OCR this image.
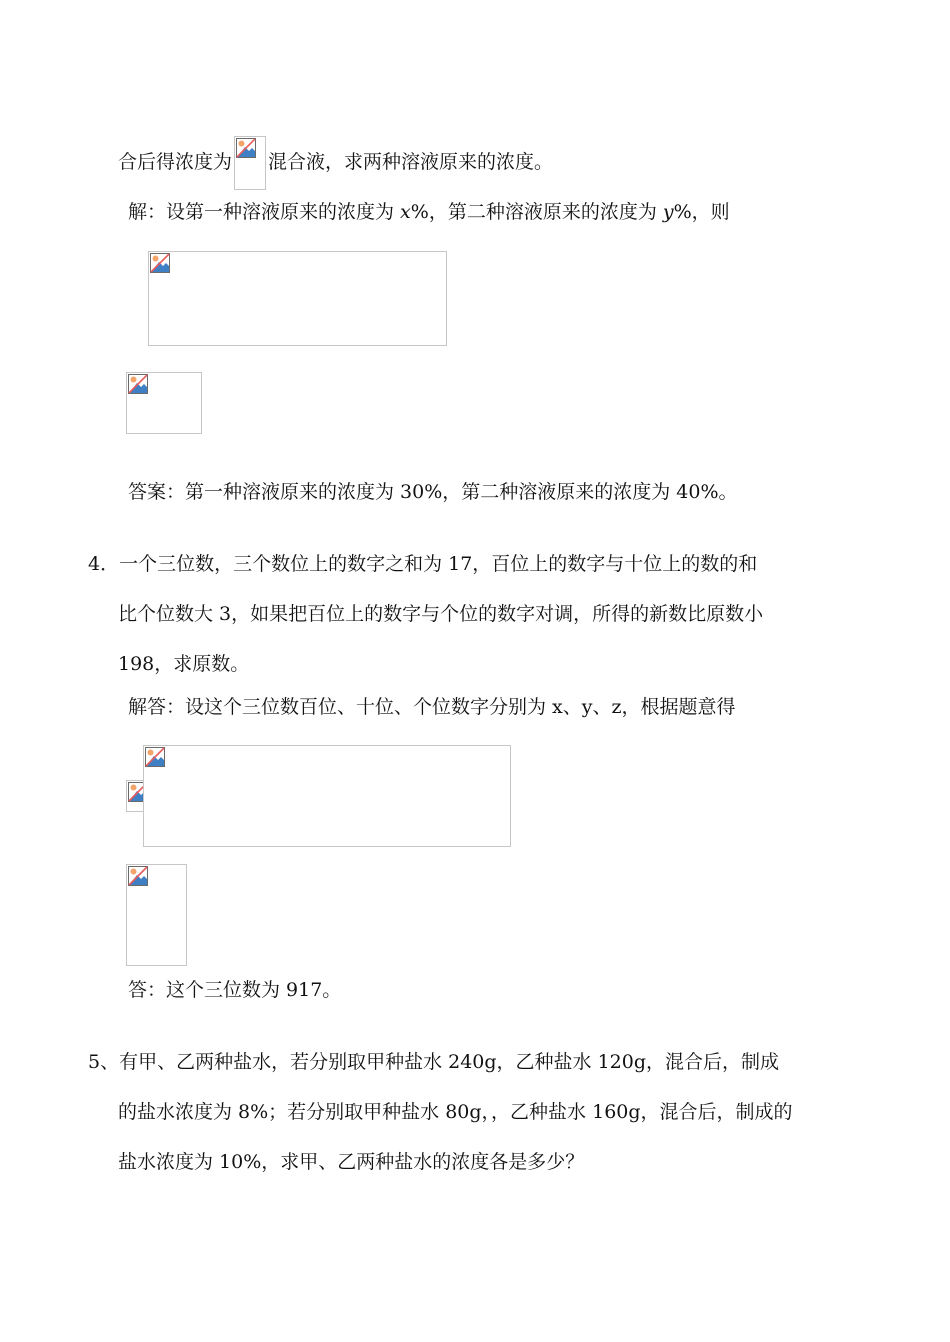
合后得浓度为 混合液，求两种溶液原来的浓度。
解：设第一种溶液原来的浓度为 x%，第二种溶液原来的浓度为 y%，则
答案：第一种溶液原来的浓度为 30%，第二种溶液原来的浓度为 40%。
4．一个三位数，三个数位上的数字之和为 17，百位上的数字与十位上的数的和
比个位数大 3，如果把百位上的数字与个位的数字对调，所得的新数比原数小
198，求原数。
解答：设这个三位数百位、十位、个位数字分别为 x、y、z，根据题意得
答：这个三位数为 917。
5、有甲、乙两种盐水，若分别取甲种盐水 240g，乙种盐水 120g，混合后，制成
的盐水浓度为 8%；若分别取甲种盐水 80g，，乙种盐水 160g，混合后，制成的
盐水浓度为 10%，求甲、乙两种盐水的浓度各是多少？
